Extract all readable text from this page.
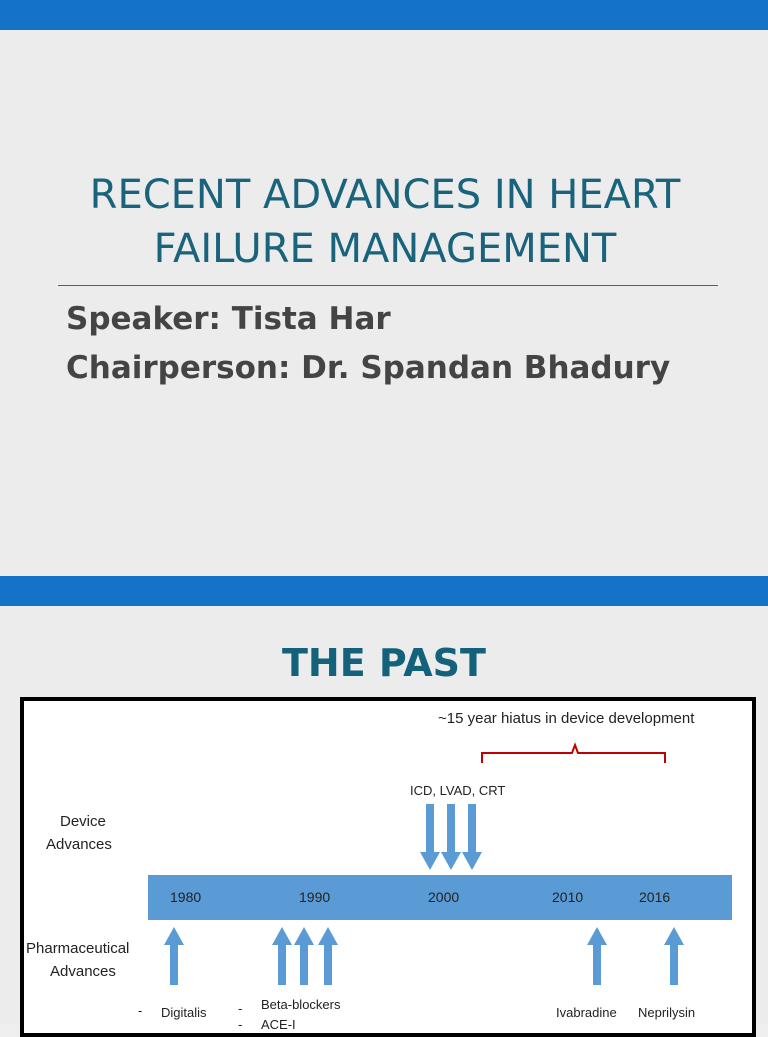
RECENT ADVANCES IN HEART
FAILURE MANAGEMENT
Speaker: Tista Har
Chairperson: Dr. Spandan Bhadury
THE PAST
~15 year hiatus in device development
Device
Advances
ICD, LVAD, CRT
1980	1990	2000	2010	2016
Pharmaceutical
Advances
- Digitalis - Beta-blockers
- ACE-I
Ivabradine Neprilysin
